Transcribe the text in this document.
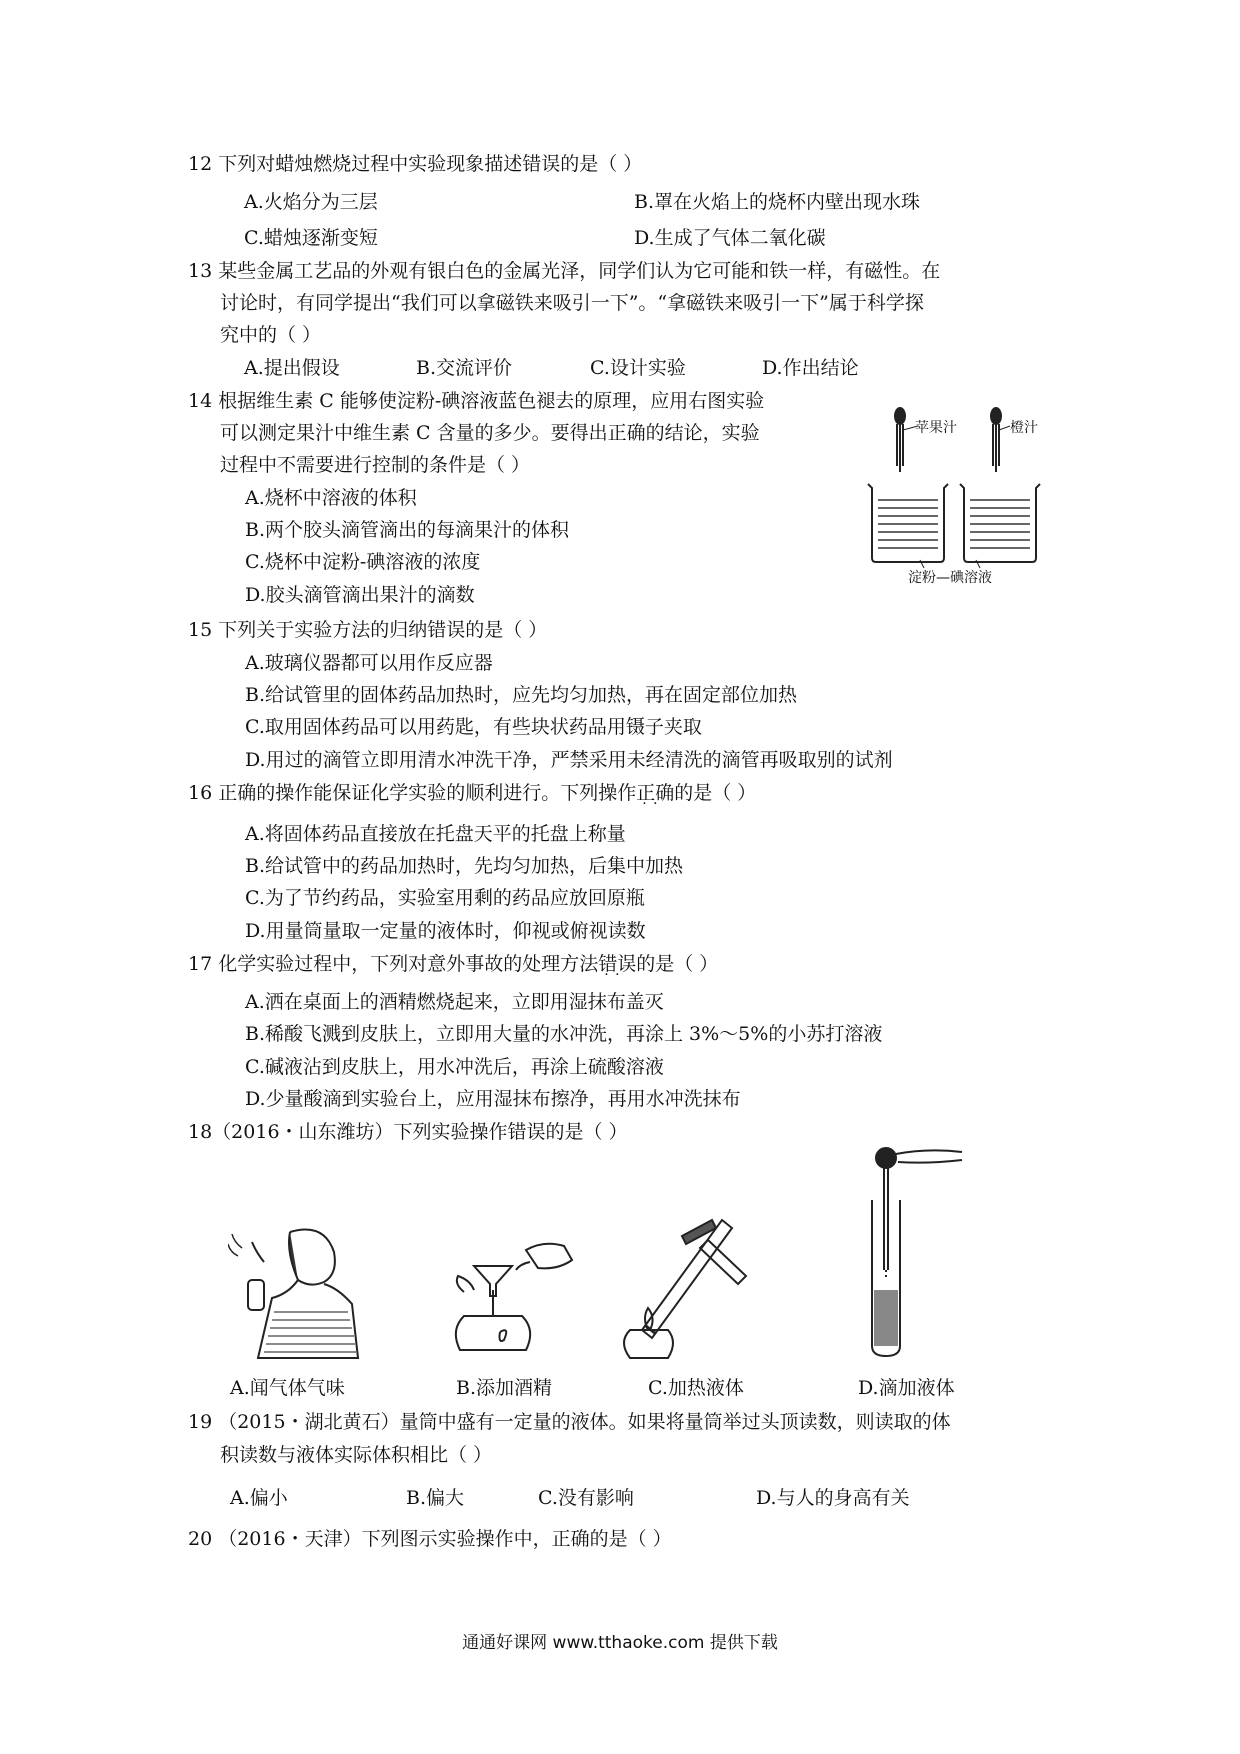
12 下列对蜡烛燃烧过程中实验现象描述错误的是（ ）
A.火焰分为三层	B.罩在火焰上的烧杯内壁出现水珠
C.蜡烛逐渐变短	D.生成了气体二氧化碳
13 某些金属工艺品的外观有银白色的金属光泽，同学们认为它可能和铁一样，有磁性。在
讨论时，有同学提出“我们可以拿磁铁来吸引一下”。“拿磁铁来吸引一下”属于科学探
究中的（ ）
A.提出假设	B.交流评价	C.设计实验	D.作出结论
14 根据维生素 C 能够使淀粉-碘溶液蓝色褪去的原理，应用右图实验
可以测定果汁中维生素 C 含量的多少。要得出正确的结论，实验
过程中不需要进行控制的条件是（ ）
A.烧杯中溶液的体积
B.两个胶头滴管滴出的每滴果汁的体积
C.烧杯中淀粉-碘溶液的浓度
D.胶头滴管滴出果汁的滴数
苹果汁	橙汁
淀粉—碘溶液
15 下列关于实验方法的归纳错误的是（ ）
A.玻璃仪器都可以用作反应器
B.给试管里的固体药品加热时，应先均匀加热，再在固定部位加热
C.取用固体药品可以用药匙，有些块状药品用镊子夹取
D.用过的滴管立即用清水冲洗干净，严禁采用未经清洗的滴管再吸取别的试剂
16 正确的操作能保证化学实验的顺利进行。下列操作正确 · ·的是（ ）
A.将固体药品直接放在托盘天平的托盘上称量
B.给试管中的药品加热时，先均匀加热，后集中加热
C.为了节约药品，实验室用剩的药品应放回原瓶
D.用量筒量取一定量的液体时，仰视或俯视读数
17 化学实验过程中，下列对意外事故的处理方法错误 · ·的是（ ）
A.洒在桌面上的酒精燃烧起来，立即用湿抹布盖灭
B.稀酸飞溅到皮肤上，立即用大量的水冲洗，再涂上 3%～5%的小苏打溶液
C.碱液沾到皮肤上，用水冲洗后，再涂上硫酸溶液
D.少量酸滴到实验台上，应用湿抹布擦净，再用水冲洗抹布
18（2016・山东潍坊）下列实验操作错误的是（ ）
A.闻气体气味	B.添加酒精	C.加热液体	D.滴加液体
19 （2015・湖北黄石）量筒中盛有一定量的液体。如果将量筒举过头顶读数，则读取的体
积读数与液体实际体积相比（ ）
A.偏小	B.偏大	C.没有影响	D.与人的身高有关
20 （2016・天津）下列图示实验操作中，正确的是（ ）
通通好课网 www.tthaoke.com 提供下载
